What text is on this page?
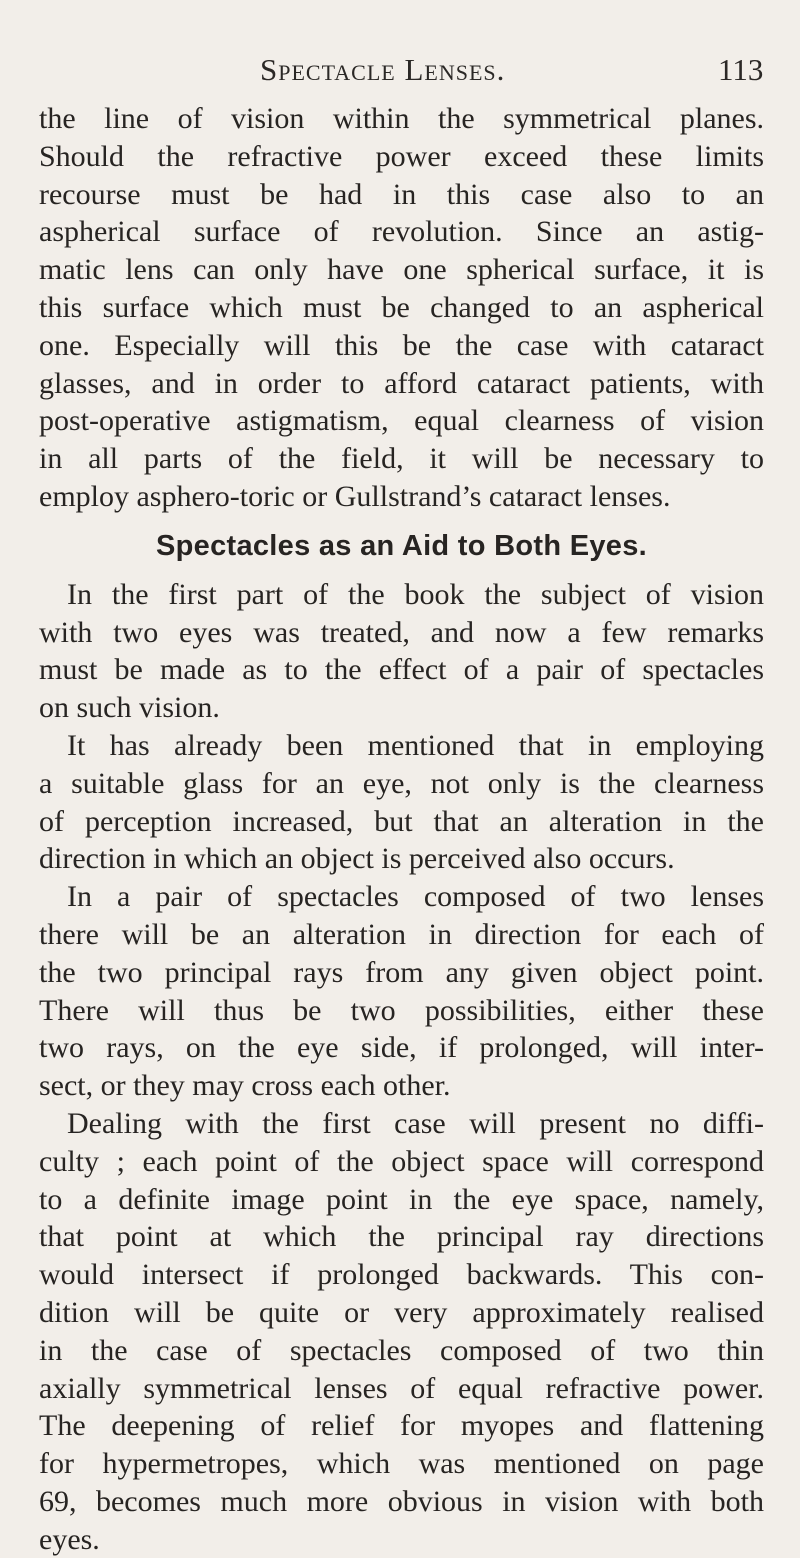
Spectacle Lenses.	113
the line of vision within the symmetrical planes.
Should the refractive power exceed these limits
recourse must be had in this case also to an
aspherical surface of revolution. Since an astig-
matic lens can only have one spherical surface, it is
this surface which must be changed to an aspherical
one. Especially will this be the case with cataract
glasses, and in order to afford cataract patients, with
post-operative astigmatism, equal clearness of vision
in all parts of the field, it will be necessary to
employ asphero-toric or Gullstrand’s cataract lenses.
Spectacles as an Aid to Both Eyes.
In the first part of the book the subject of vision
with two eyes was treated, and now a few remarks
must be made as to the effect of a pair of spectacles
on such vision.
It has already been mentioned that in employing
a suitable glass for an eye, not only is the clearness
of perception increased, but that an alteration in the
direction in which an object is perceived also occurs.
In a pair of spectacles composed of two lenses
there will be an alteration in direction for each of
the two principal rays from any given object point.
There will thus be two possibilities, either these
two rays, on the eye side, if prolonged, will inter-
sect, or they may cross each other.
Dealing with the first case will present no diffi-
culty ; each point of the object space will correspond
to a definite image point in the eye space, namely,
that point at which the principal ray directions
would intersect if prolonged backwards. This con-
dition will be quite or very approximately realised
in the case of spectacles composed of two thin
axially symmetrical lenses of equal refractive power.
The deepening of relief for myopes and flattening
for hypermetropes, which was mentioned on page
69, becomes much more obvious in vision with both
eyes.
